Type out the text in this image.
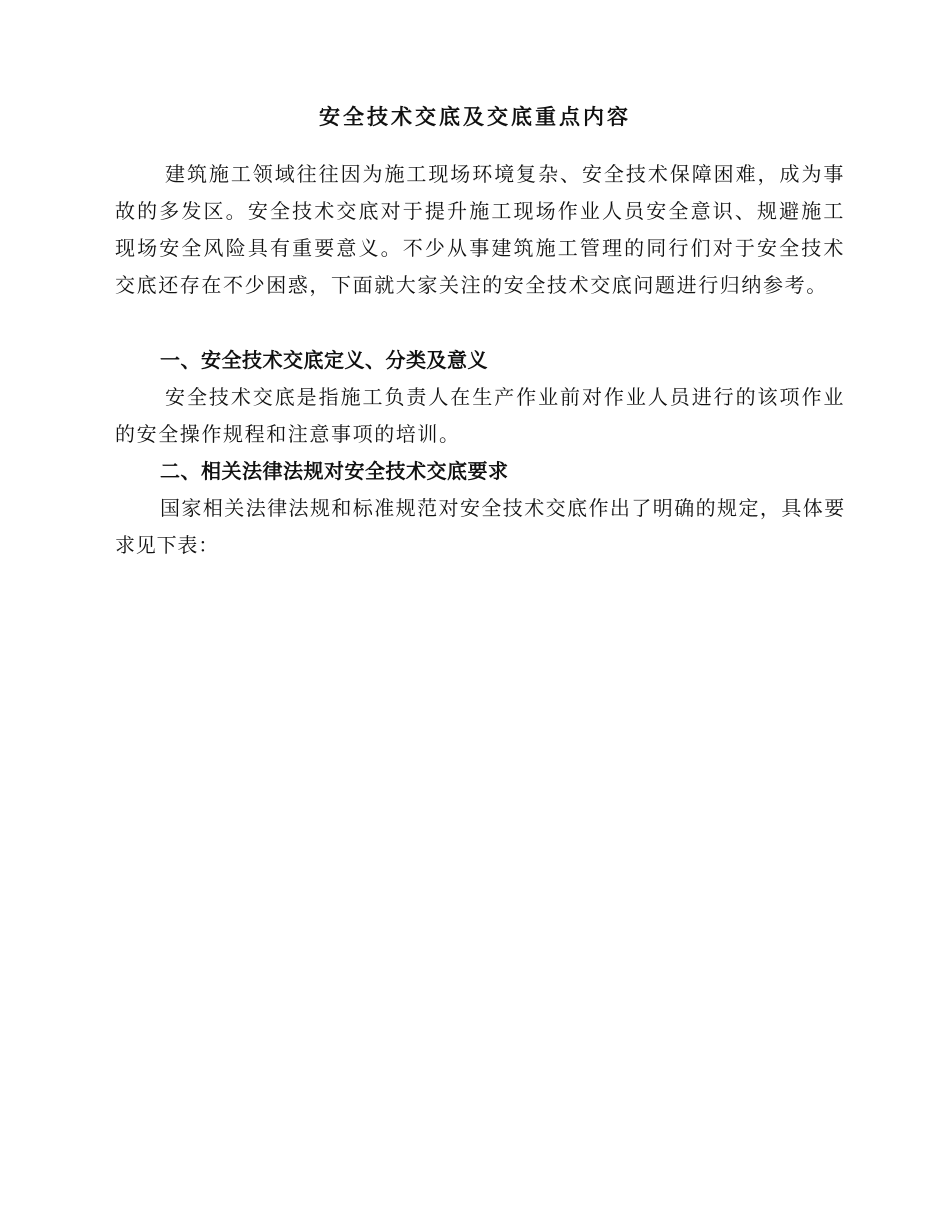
安全技术交底及交底重点内容
建筑施工领域往往因为施工现场环境复杂、安全技术保障困难，成为事故的多发区。安全技术交底对于提升施工现场作业人员安全意识、规避施工现场安全风险具有重要意义。不少从事建筑施工管理的同行们对于安全技术交底还存在不少困惑，下面就大家关注的安全技术交底问题进行归纳参考。
一、安全技术交底定义、分类及意义
安全技术交底是指施工负责人在生产作业前对作业人员进行的该项作业的安全操作规程和注意事项的培训。
二、相关法律法规对安全技术交底要求
国家相关法律法规和标准规范对安全技术交底作出了明确的规定，具体要求见下表：
